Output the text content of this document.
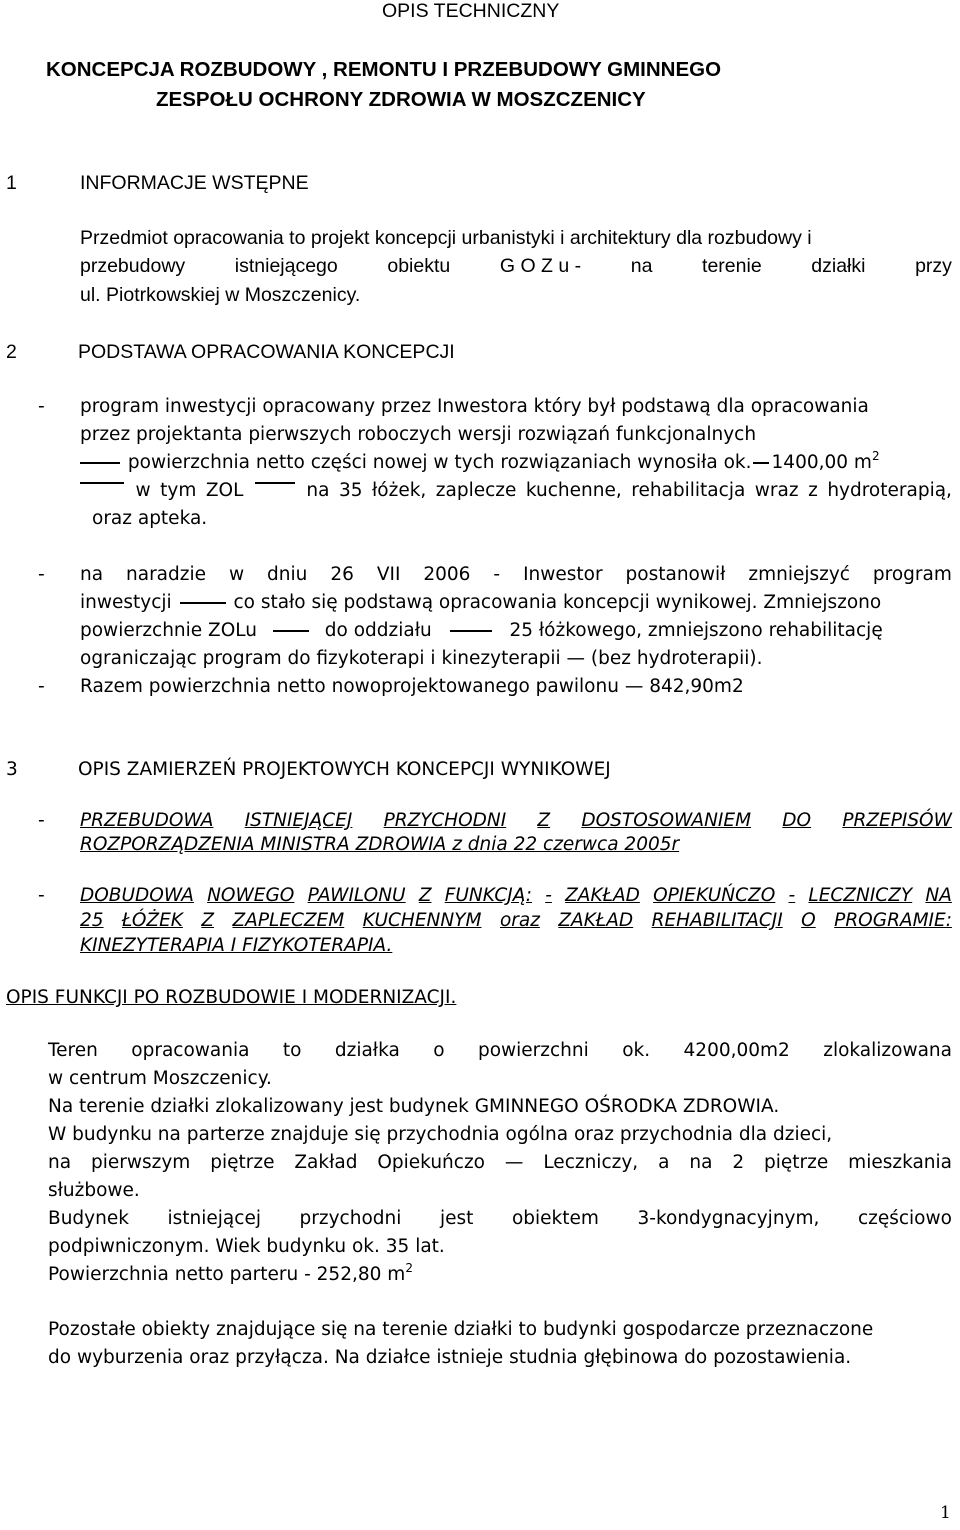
OPIS TECHNICZNY
KONCEPCJA ROZBUDOWY , REMONTU I PRZEBUDOWY GMINNEGO
ZESPOŁU OCHRONY ZDROWIA W MOSZCZENICY
1	INFORMACJE WSTĘPNE
Przedmiot opracowania to projekt koncepcji urbanistyki i architektury dla rozbudowy i
przebudowy	istniejącego	obiektu	G O Z u -	na	terenie	działki	przy
ul. Piotrkowskiej w Moszczenicy.
2	PODSTAWA OPRACOWANIA KONCEPCJI
- program inwestycji opracowany przez Inwestora który był podstawą dla opracowania
przez projektanta pierwszych roboczych wersji rozwiązań funkcjonalnych
powierzchnia netto części nowej w tych rozwiązaniach wynosiła ok. 1400,00 $m^2$
w tym ZOL	na 35 łóżek, zaplecze kuchenne, rehabilitacja wraz z hydroterapią,
oraz apteka.
- na naradzie w dniu 26 VII 2006 - Inwestor postanowił zmniejszyć program
inwestycji	co stało się podstawą opracowania koncepcji wynikowej. Zmniejszono
powierzchnie ZOLu	do oddziału	25 łóżkowego, zmniejszono rehabilitację
ograniczając program do fizykoterapi i kinezyterapii — (bez hydroterapii).
- Razem powierzchnia netto nowoprojektowanego pawilonu — 842,90m2
3	OPIS ZAMIERZEŃ PROJEKTOWYCH KONCEPCJI WYNIKOWEJ
- PRZEBUDOWA ISTNIEJĄCEJ PRZYCHODNI Z DOSTOSOWANIEM DO PRZEPISÓW
ROZPORZĄDZENIA MINISTRA ZDROWIA z dnia 22 czerwca 2005r
- DOBUDOWA NOWEGO PAWILONU Z FUNKCJĄ: - ZAKŁAD OPIEKUŃCZO - LECZNICZY NA
25 ŁÓŻEK Z ZAPLECZEM KUCHENNYM oraz ZAKŁAD REHABILITACJI O PROGRAMIE:
KINEZYTERAPIA I FIZYKOTERAPIA.
OPIS FUNKCJI PO ROZBUDOWIE I MODERNIZACJI.
Teren opracowania to działka o powierzchni ok. 4200,00m2 zlokalizowana
w centrum Moszczenicy.
Na terenie działki zlokalizowany jest budynek GMINNEGO OŚRODKA ZDROWIA.
W budynku na parterze znajduje się przychodnia ogólna oraz przychodnia dla dzieci,
na pierwszym piętrze Zakład Opiekuńczo — Leczniczy, a na 2 piętrze mieszkania
służbowe.
Budynek istniejącej przychodni jest obiektem 3-kondygnacyjnym, częściowo
podpiwniczonym. Wiek budynku ok. 35 lat.
Powierzchnia netto parteru - 252,80 $m^2$
Pozostałe obiekty znajdujące się na terenie działki to budynki gospodarcze przeznaczone
do wyburzenia oraz przyłącza. Na działce istnieje studnia głębinowa do pozostawienia.
1
